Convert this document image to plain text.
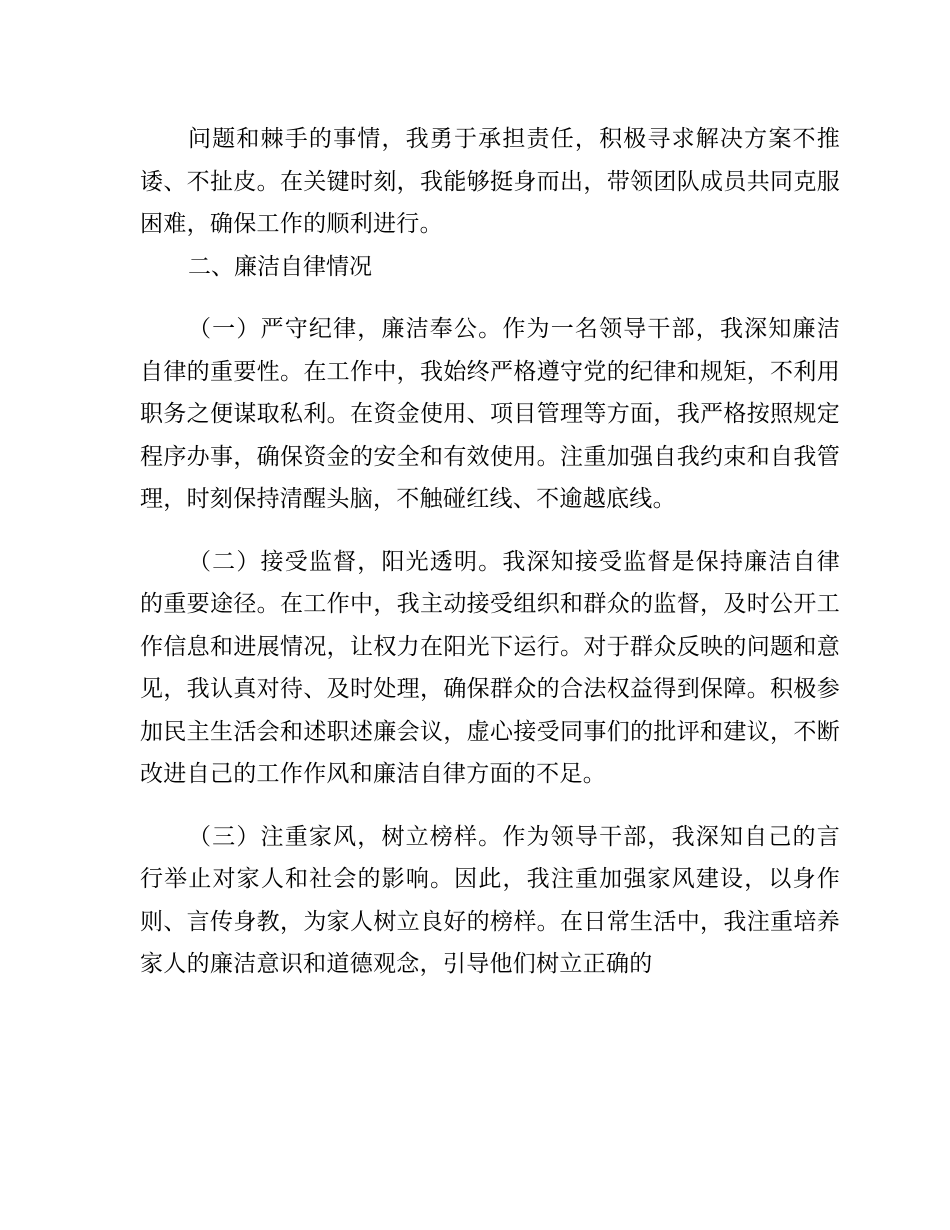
问题和棘手的事情，我勇于承担责任，积极寻求解决方案不推诿、不扯皮。在关键时刻，我能够挺身而出，带领团队成员共同克服困难，确保工作的顺利进行。

二、廉洁自律情况

（一）严守纪律，廉洁奉公。作为一名领导干部，我深知廉洁自律的重要性。在工作中，我始终严格遵守党的纪律和规矩，不利用职务之便谋取私利。在资金使用、项目管理等方面，我严格按照规定程序办事，确保资金的安全和有效使用。注重加强自我约束和自我管理，时刻保持清醒头脑，不触碰红线、不逾越底线。

（二）接受监督，阳光透明。我深知接受监督是保持廉洁自律的重要途径。在工作中，我主动接受组织和群众的监督，及时公开工作信息和进展情况，让权力在阳光下运行。对于群众反映的问题和意见，我认真对待、及时处理，确保群众的合法权益得到保障。积极参加民主生活会和述职述廉会议，虚心接受同事们的批评和建议，不断改进自己的工作作风和廉洁自律方面的不足。

（三）注重家风，树立榜样。作为领导干部，我深知自己的言行举止对家人和社会的影响。因此，我注重加强家风建设，以身作则、言传身教，为家人树立良好的榜样。在日常生活中，我注重培养家人的廉洁意识和道德观念，引导他们树立正确的
